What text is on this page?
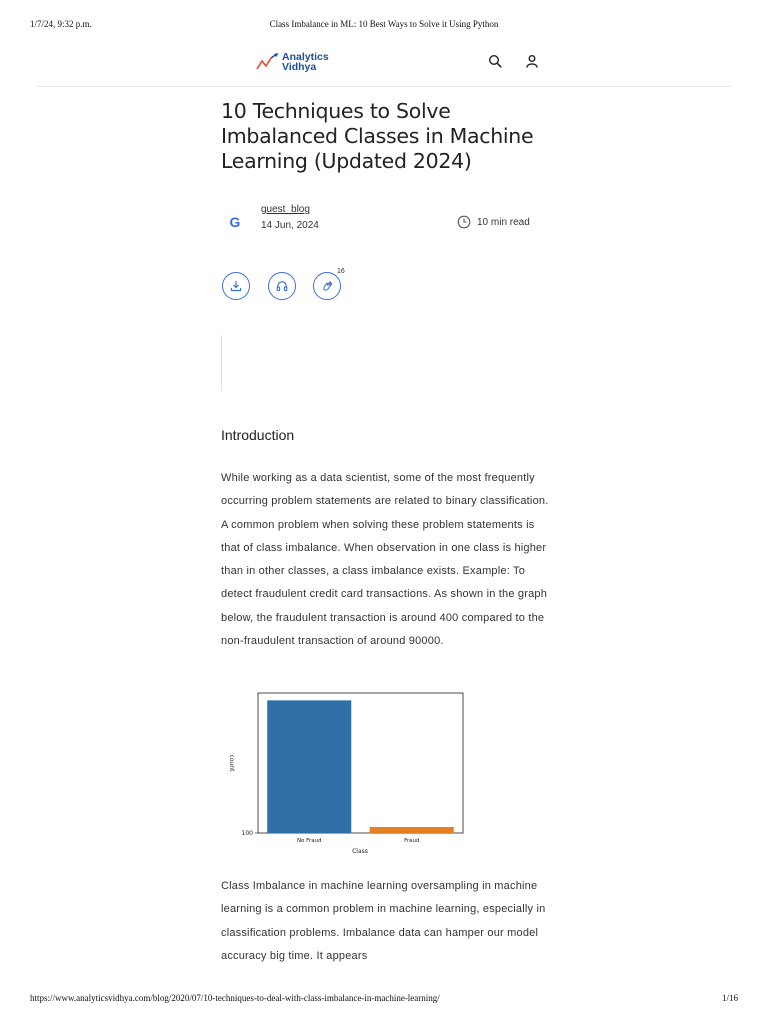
1/7/24, 9:32 p.m.	Class Imbalance in ML: 10 Best Ways to Solve it Using Python
Analytics
Vidhya
10 Techniques to Solve Imbalanced Classes in Machine Learning (Updated 2024)
G
guest_blog
14 Jun, 2024	10 min read
16
Introduction

While working as a data scientist, some of the most frequently occurring problem statements are related to binary classification. A common problem when solving these problem statements is that of class imbalance. When observation in one class is higher than in other classes, a class imbalance exists. Example: To detect fraudulent credit card transactions. As shown in the graph below, the fraudulent transaction is around 400 compared to the non-fraudulent transaction of around 90000.

No Fraud	Fraud
100
Class
count

Class Imbalance in machine learning oversampling in machine learning is a common problem in machine learning, especially in classification problems. Imbalance data can hamper our model accuracy big time. It appears

https://www.analyticsvidhya.com/blog/2020/07/10-techniques-to-deal-with-class-imbalance-in-machine-learning/	1/16
